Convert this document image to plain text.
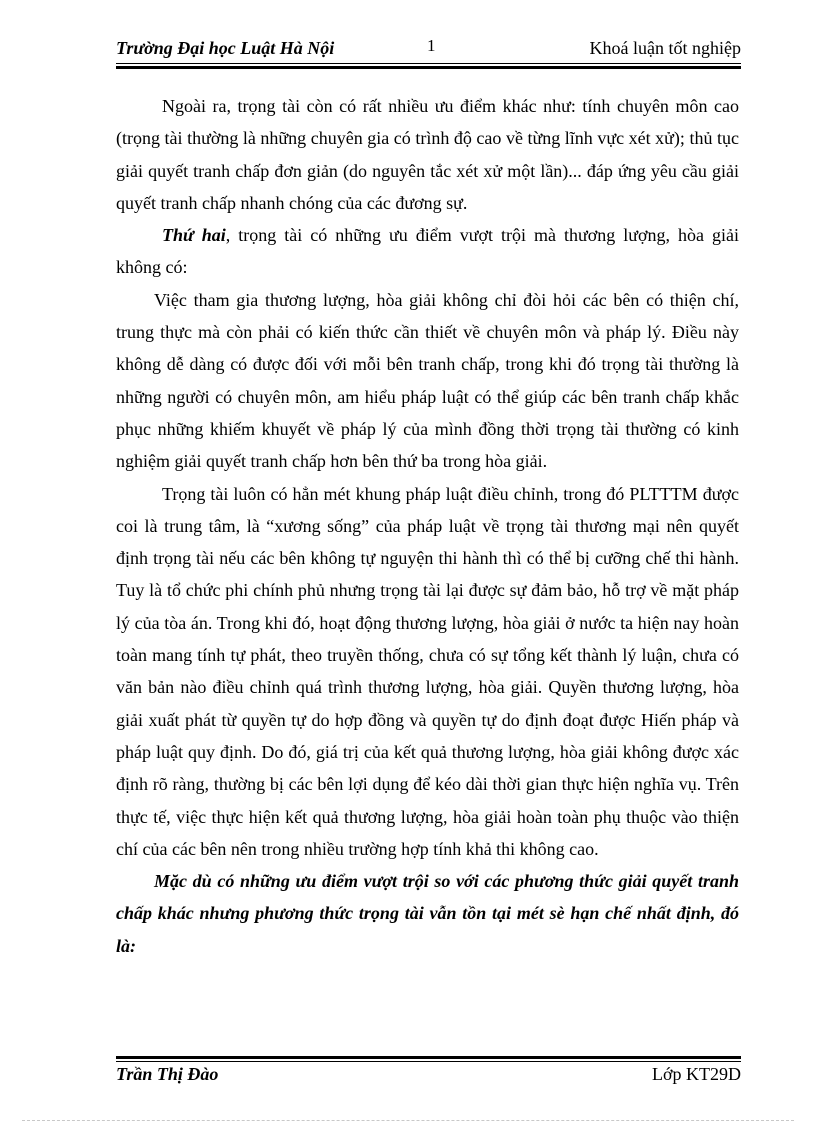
Trường Đại học Luật Hà Nội	1	Khoá luận tốt nghiệp

Ngoài ra, trọng tài còn có rất nhiều ưu điểm khác như: tính chuyên môn cao (trọng tài thường là những chuyên gia có trình độ cao về từng lĩnh vực xét xử); thủ tục giải quyết tranh chấp đơn giản (do nguyên tắc xét xử một lần)... đáp ứng yêu cầu giải quyết tranh chấp nhanh chóng của các đương sự.

Thứ hai, trọng tài có những ưu điểm vượt trội mà thương lượng, hòa giải không có:

Việc tham gia thương lượng, hòa giải không chỉ đòi hỏi các bên có thiện chí, trung thực mà còn phải có kiến thức cần thiết về chuyên môn và pháp lý. Điều này không dễ dàng có được đối với mỗi bên tranh chấp, trong khi đó trọng tài thường là những người có chuyên môn, am hiểu pháp luật có thể giúp các bên tranh chấp khắc phục những khiếm khuyết về pháp lý của mình đồng thời trọng tài thường có kinh nghiệm giải quyết tranh chấp hơn bên thứ ba trong hòa giải.

Trọng tài luôn có hẳn mét khung pháp luật điều chỉnh, trong đó PLTTTM được coi là trung tâm, là “xương sống” của pháp luật về trọng tài thương mại nên quyết định trọng tài nếu các bên không tự nguyện thi hành thì có thể bị cưỡng chế thi hành. Tuy là tổ chức phi chính phủ nhưng trọng tài lại được sự đảm bảo, hỗ trợ về mặt pháp lý của tòa án. Trong khi đó, hoạt động thương lượng, hòa giải ở nước ta hiện nay hoàn toàn mang tính tự phát, theo truyền thống, chưa có sự tổng kết thành lý luận, chưa có văn bản nào điều chỉnh quá trình thương lượng, hòa giải. Quyền thương lượng, hòa giải xuất phát từ quyền tự do hợp đồng và quyền tự do định đoạt được Hiến pháp và pháp luật quy định. Do đó, giá trị của kết quả thương lượng, hòa giải không được xác định rõ ràng, thường bị các bên lợi dụng để kéo dài thời gian thực hiện nghĩa vụ. Trên thực tế, việc thực hiện kết quả thương lượng, hòa giải hoàn toàn phụ thuộc vào thiện chí của các bên nên trong nhiều trường hợp tính khả thi không cao.

Mặc dù có những ưu điểm vượt trội so với các phương thức giải quyết tranh chấp khác nhưng phương thức trọng tài vẫn tồn tại mét sè hạn chế nhất định, đó là:

Trần Thị Đào	Lớp KT29D
